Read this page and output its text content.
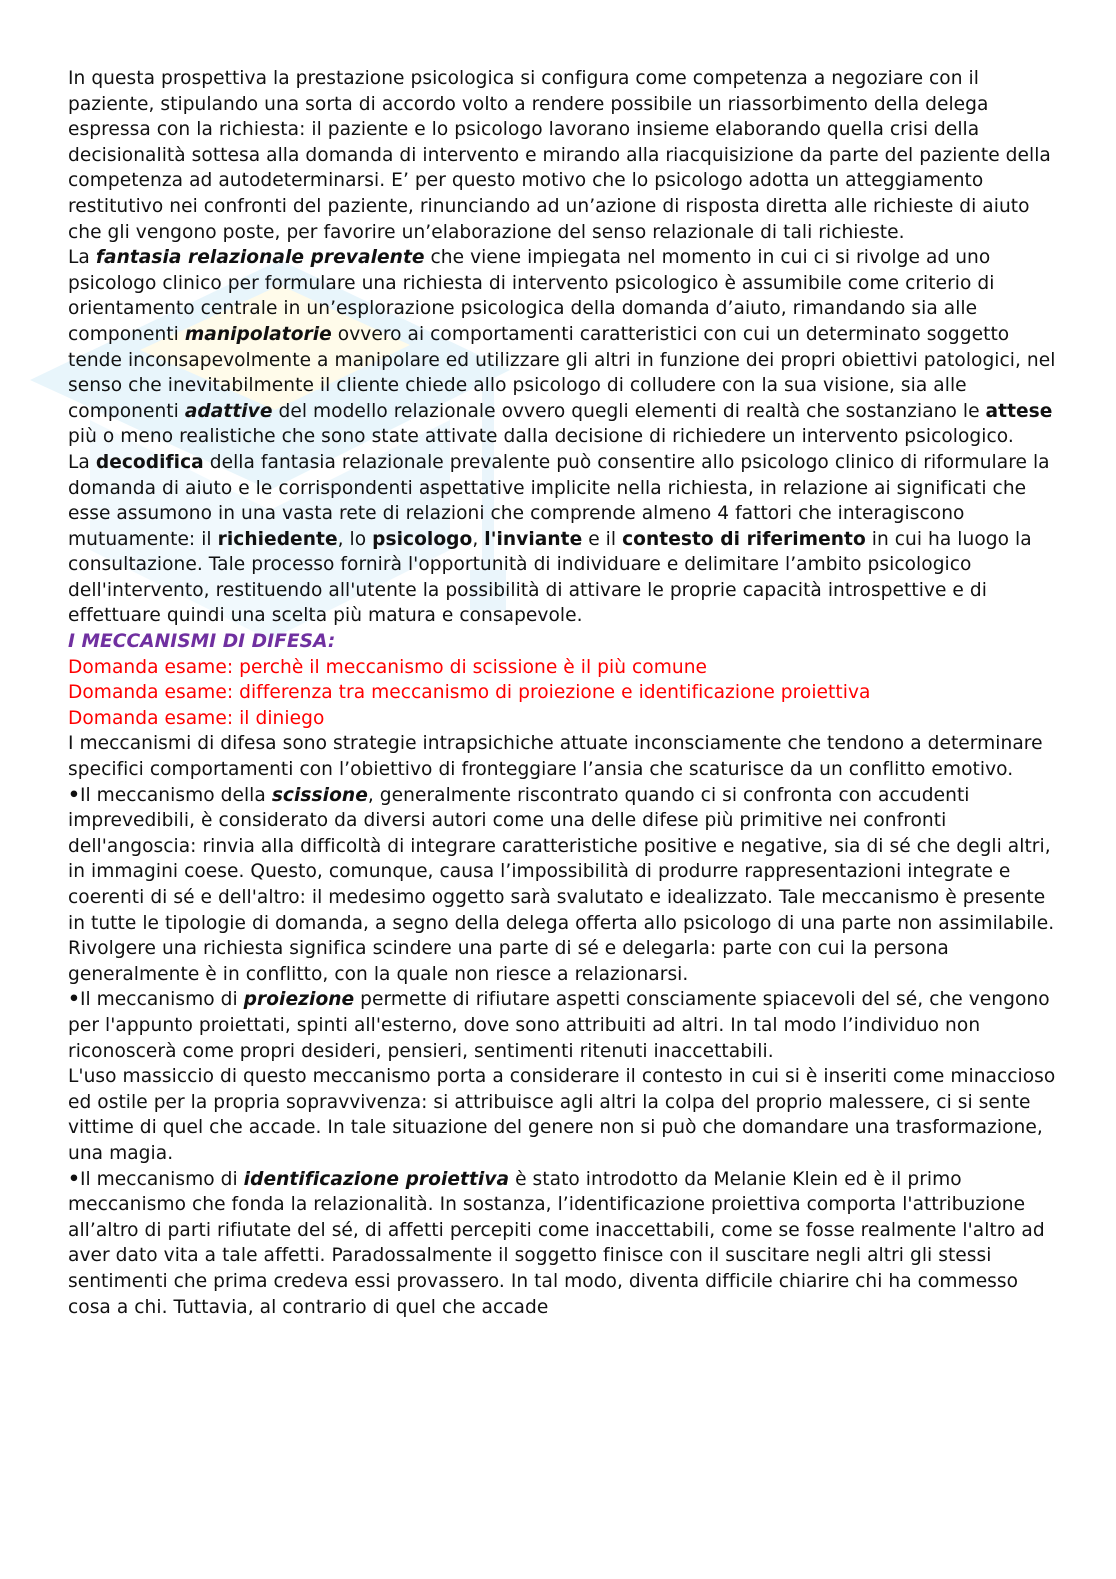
In questa prospettiva la prestazione psicologica si configura come competenza a negoziare con il paziente, stipulando una sorta di accordo volto a rendere possibile un riassorbimento della delega espressa con la richiesta: il paziente e lo psicologo lavorano insieme elaborando quella crisi della decisionalità sottesa alla domanda di intervento e mirando alla riacquisizione da parte del paziente della competenza ad autodeterminarsi. E’ per questo motivo che lo psicologo adotta un atteggiamento restitutivo nei confronti del paziente, rinunciando ad un’azione di risposta diretta alle richieste di aiuto che gli vengono poste, per favorire un’elaborazione del senso relazionale di tali richieste.

La fantasia relazionale prevalente che viene impiegata nel momento in cui ci si rivolge ad uno psicologo clinico per formulare una richiesta di intervento psicologico è assumibile come criterio di orientamento centrale in un’esplorazione psicologica della domanda d’aiuto, rimandando sia alle componenti manipolatorie ovvero ai comportamenti caratteristici con cui un determinato soggetto tende inconsapevolmente a manipolare ed utilizzare gli altri in funzione dei propri obiettivi patologici, nel senso che inevitabilmente il cliente chiede allo psicologo di colludere con la sua visione, sia alle componenti adattive del modello relazionale ovvero quegli elementi di realtà che sostanziano le attese più o meno realistiche che sono state attivate dalla decisione di richiedere un intervento psicologico.

La decodifica della fantasia relazionale prevalente può consentire allo psicologo clinico di riformulare la domanda di aiuto e le corrispondenti aspettative implicite nella richiesta, in relazione ai significati che esse assumono in una vasta rete di relazioni che comprende almeno 4 fattori che interagiscono mutuamente: il richiedente, lo psicologo, l'inviante e il contesto di riferimento in cui ha luogo la consultazione. Tale processo fornirà l'opportunità di individuare e delimitare l’ambito psicologico dell'intervento, restituendo all'utente la possibilità di attivare le proprie capacità introspettive e di effettuare quindi una scelta più matura e consapevole.

I MECCANISMI DI DIFESA:

Domanda esame: perchè il meccanismo di scissione è il più comune

Domanda esame: differenza tra meccanismo di proiezione e identificazione proiettiva

Domanda esame: il diniego

I meccanismi di difesa sono strategie intrapsichiche attuate inconsciamente che tendono a determinare specifici comportamenti con l’obiettivo di fronteggiare l’ansia che scaturisce da un conflitto emotivo.

•Il meccanismo della scissione, generalmente riscontrato quando ci si confronta con accudenti imprevedibili, è considerato da diversi autori come una delle difese più primitive nei confronti dell'angoscia: rinvia alla difficoltà di integrare caratteristiche positive e negative, sia di sé che degli altri, in immagini coese. Questo, comunque, causa l’impossibilità di produrre rappresentazioni integrate e coerenti di sé e dell'altro: il medesimo oggetto sarà svalutato e idealizzato. Tale meccanismo è presente in tutte le tipologie di domanda, a segno della delega offerta allo psicologo di una parte non assimilabile. Rivolgere una richiesta significa scindere una parte di sé e delegarla: parte con cui la persona generalmente è in conflitto, con la quale non riesce a relazionarsi.

•Il meccanismo di proiezione permette di rifiutare aspetti consciamente spiacevoli del sé, che vengono per l'appunto proiettati, spinti all'esterno, dove sono attribuiti ad altri. In tal modo l’individuo non riconoscerà come propri desideri, pensieri, sentimenti ritenuti inaccettabili.

L'uso massiccio di questo meccanismo porta a considerare il contesto in cui si è inseriti come minaccioso ed ostile per la propria sopravvivenza: si attribuisce agli altri la colpa del proprio malessere, ci si sente vittime di quel che accade. In tale situazione del genere non si può che domandare una trasformazione, una magia.

•Il meccanismo di identificazione proiettiva è stato introdotto da Melanie Klein ed è il primo meccanismo che fonda la relazionalità. In sostanza, l’identificazione proiettiva comporta l'attribuzione all’altro di parti rifiutate del sé, di affetti percepiti come inaccettabili, come se fosse realmente l'altro ad aver dato vita a tale affetti. Paradossalmente il soggetto finisce con il suscitare negli altri gli stessi sentimenti che prima credeva essi provassero. In tal modo, diventa difficile chiarire chi ha commesso cosa a chi. Tuttavia, al contrario di quel che accade
